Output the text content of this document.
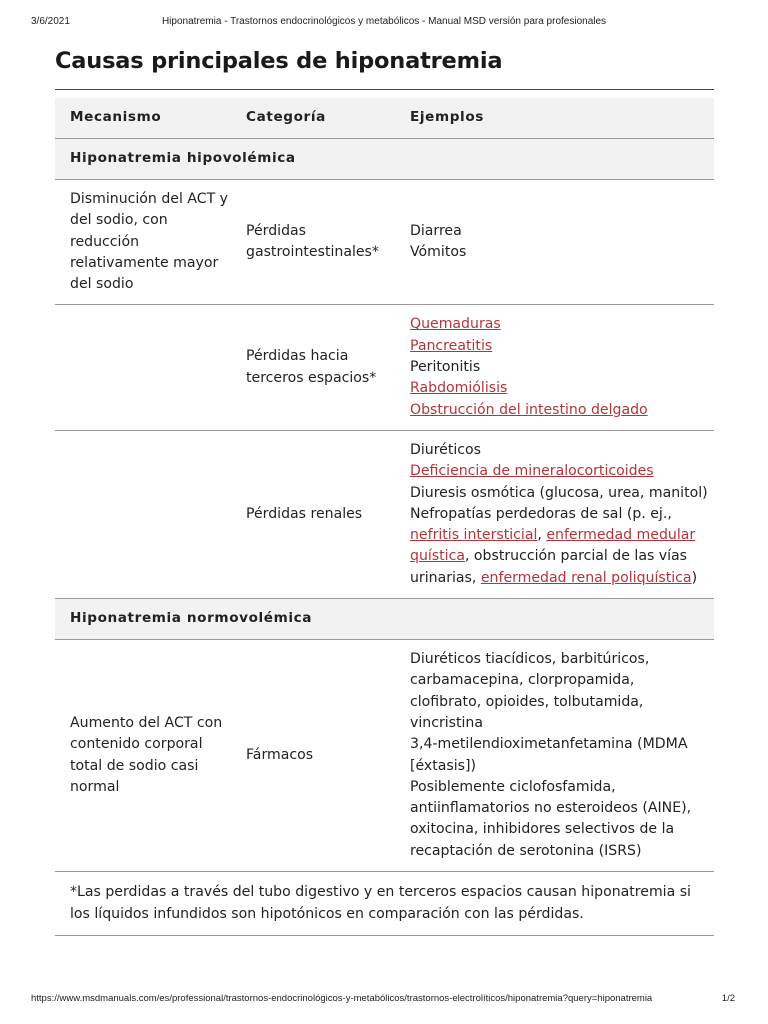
3/6/2021	Hiponatremia - Trastornos endocrinológicos y metabólicos - Manual MSD versión para profesionales
Causas principales de hiponatremia
Mecanismo	Categoría	Ejemplos
Hiponatremia hipovolémica		
Disminución del ACT y del sodio, con reducción relativamente mayor del sodio	Pérdidas gastrointestinales*	Diarrea
Vómitos

	Pérdidas hacia terceros espacios*	Quemaduras
Pancreatitis
Peritonitis
Rabdomiólisis
Obstrucción del intestino delgado

	Pérdidas renales	Diuréticos
Deficiencia de mineralocorticoides
Diuresis osmótica (glucosa, urea, manitol)
Nefropatías perdedoras de sal (p. ej., nefritis intersticial, enfermedad medular quística, obstrucción parcial de las vías urinarias, enfermedad renal poliquística)

Hiponatremia normovolémica		
Aumento del ACT con contenido corporal total de sodio casi normal	Fármacos	Diuréticos tiacídicos, barbitúricos, carbamacepina, clorpropamida, clofibrato, opioides, tolbutamida, vincristina
3,4-metilendioximetanfetamina (MDMA [éxtasis])
Posiblemente ciclofosfamida, antiinflamatorios no esteroideos (AINE), oxitocina, inhibidores selectivos de la recaptación de serotonina (ISRS)

*Las perdidas a través del tubo digestivo y en terceros espacios causan hiponatremia si los líquidos infundidos son hipotónicos en comparación con las pérdidas.		
https://www.msdmanuals.com/es/professional/trastornos-endocrinológicos-y-metabólicos/trastornos-electrolíticos/hiponatremia?query=hiponatremia	1/2
